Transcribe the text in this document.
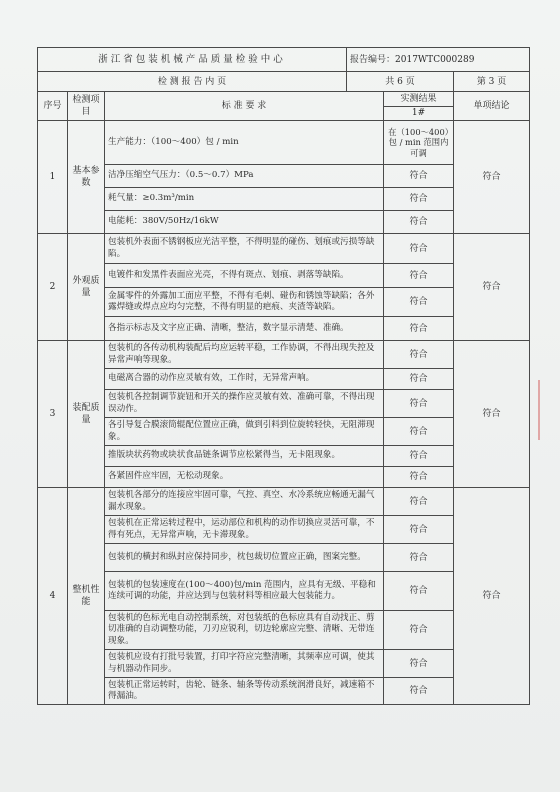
浙江省包装机械产品质量检验中心			报告编号：2017WTC000289		
检 测 报 告 内 页			共 6 页		第 3 页
序号	检测项目	标 准 要 求		实测结果	单项结论
				1#	
1	基本参数	生产能力：（100～400）包 / min		在（100～400）包 / min 范围内可调	符合
		洁净压缩空气压力：（0.5～0.7）MPa		符合	
		耗气量：≥0.3m³/min		符合	
		电能耗：380V/50Hz/16kW		符合	
2	外观质量	包装机外表面不锈钢板应光洁平整，不得明显的碰伤、划痕或污损等缺陷。		符合	符合
		电镀件和发黑件表面应光亮，不得有斑点、划痕、剥落等缺陷。		符合	
		金属零件的外露加工面应平整，不得有毛刺、碰伤和锈蚀等缺陷；各外露焊缝或焊点应均匀完整，不得有明显的疤痕、夹渣等缺陷。		符合	
		各指示标志及文字应正确、清晰，整洁，数字显示清楚、准确。		符合	
3	装配质量	包装机的各传动机构装配后均应运转平稳，工作协调，不得出现失控及异常声响等现象。		符合	符合
		电磁离合器的动作应灵敏有效，工作时，无异常声响。		符合	
		包装机各控制调节旋钮和开关的操作应灵敏有效、准确可靠，不得出现误动作。		符合	
		各引导复合膜滚筒辊配位置应正确，做到引料到位旋转轻快，无阻滞现象。		符合	
		推版块状药物或块状食品链条调节应松紧得当，无卡阻现象。		符合	
		各紧固件应牢固，无松动现象。		符合	
4	整机性能	包装机各部分的连接应牢固可靠，气控、真空、水冷系统应畅通无漏气漏水现象。		符合	符合
		包装机在正常运转过程中，运动部位和机构的动作切换应灵活可靠，不得有死点，无异常声响，无卡滞现象。		符合	
		包装机的横封和纵封应保持同步，枕包裁切位置应正确，图案完整。		符合	
		包装机的包装速度在(100～400)包/min 范围内，应具有无级、平稳和连续可调的功能，并应达到与包装材料等相应最大包装能力。		符合	
		包装机的色标光电自动控制系统，对包装纸的色标应具有自动找正、剪切准确的自动调整功能，刀刃应锐利，切边轮廓应完整、清晰、无带连现象。		符合	
		包装机应设有打批号装置，打印字符应完整清晰，其频率应可调，使其与机器动作同步。		符合	
		包装机正常运转时，齿轮、链条、轴条等传动系统润滑良好，减速箱不得漏油。		符合	
